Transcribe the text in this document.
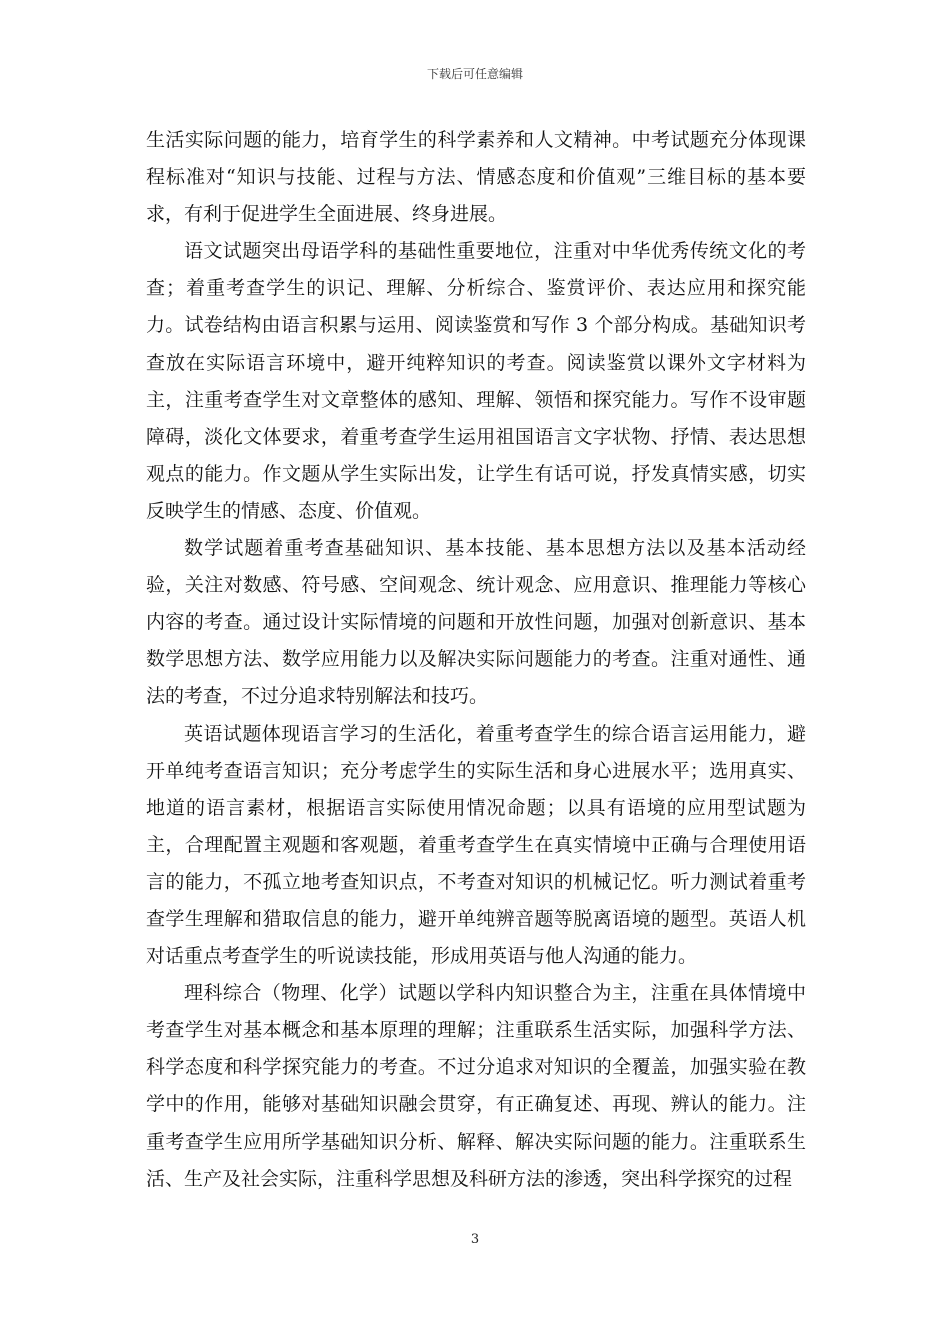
下载后可任意编辑

生活实际问题的能力，培育学生的科学素养和人文精神。中考试题充分体现课程标准对“知识与技能、过程与方法、情感态度和价值观”三维目标的基本要求，有利于促进学生全面进展、终身进展。

语文试题突出母语学科的基础性重要地位，注重对中华优秀传统文化的考查；着重考查学生的识记、理解、分析综合、鉴赏评价、表达应用和探究能力。试卷结构由语言积累与运用、阅读鉴赏和写作 3 个部分构成。基础知识考查放在实际语言环境中，避开纯粹知识的考查。阅读鉴赏以课外文字材料为主，注重考查学生对文章整体的感知、理解、领悟和探究能力。写作不设审题障碍，淡化文体要求，着重考查学生运用祖国语言文字状物、抒情、表达思想观点的能力。作文题从学生实际出发，让学生有话可说，抒发真情实感，切实反映学生的情感、态度、价值观。

数学试题着重考查基础知识、基本技能、基本思想方法以及基本活动经验，关注对数感、符号感、空间观念、统计观念、应用意识、推理能力等核心内容的考查。通过设计实际情境的问题和开放性问题，加强对创新意识、基本数学思想方法、数学应用能力以及解决实际问题能力的考查。注重对通性、通法的考查，不过分追求特别解法和技巧。

英语试题体现语言学习的生活化，着重考查学生的综合语言运用能力，避开单纯考查语言知识；充分考虑学生的实际生活和身心进展水平；选用真实、地道的语言素材，根据语言实际使用情况命题；以具有语境的应用型试题为主，合理配置主观题和客观题，着重考查学生在真实情境中正确与合理使用语言的能力，不孤立地考查知识点，不考查对知识的机械记忆。听力测试着重考查学生理解和猎取信息的能力，避开单纯辨音题等脱离语境的题型。英语人机对话重点考查学生的听说读技能，形成用英语与他人沟通的能力。

理科综合（物理、化学）试题以学科内知识整合为主，注重在具体情境中考查学生对基本概念和基本原理的理解；注重联系生活实际，加强科学方法、科学态度和科学探究能力的考查。不过分追求对知识的全覆盖，加强实验在教学中的作用，能够对基础知识融会贯穿，有正确复述、再现、辨认的能力。注重考查学生应用所学基础知识分析、解释、解决实际问题的能力。注重联系生活、生产及社会实际，注重科学思想及科研方法的渗透，突出科学探究的过程

3
